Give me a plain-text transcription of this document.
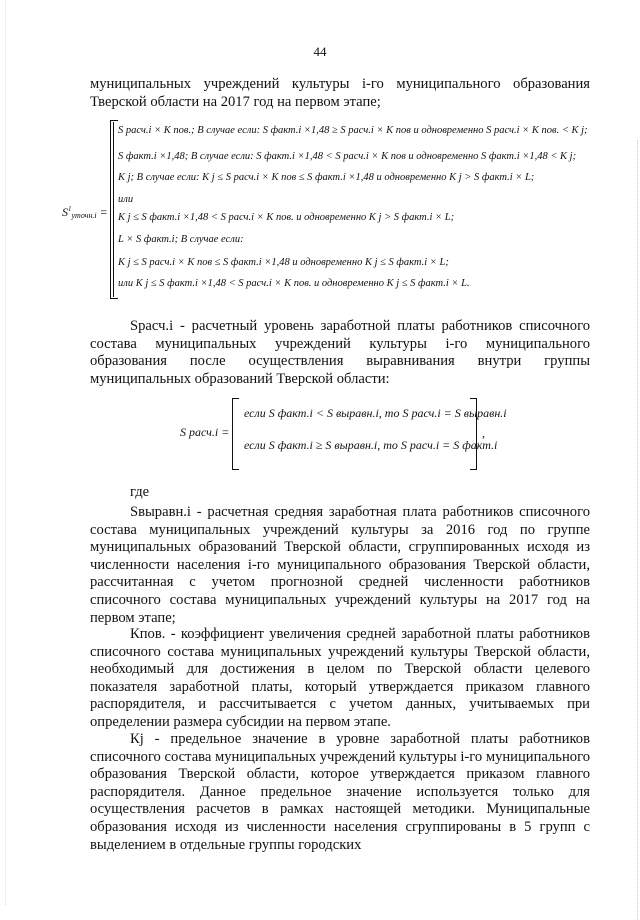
44
муниципальных учреждений культуры i-го муниципального образования
Тверской области на 2017 год на первом этапе;
$S^1_{уточн.i}$ =
S расч.i × K пов.; В случае если: S факт.i ×1,48 ≥ S расч.i × K пов и одновременно S расч.i × K пов. < K j;
S факт.i ×1,48; В случае если: S факт.i ×1,48 < S расч.i × K пов и одновременно S факт.i ×1,48 < K j;
K j; В случае если: K j ≤ S расч.i × K пов ≤ S факт.i ×1,48 и одновременно K j > S факт.i × L;
или
K j ≤ S факт.i ×1,48 < S расч.i × K пов. и одновременно K j > S факт.i × L;
L × S факт.i; В случае если:
K j ≤ S расч.i × K пов ≤ S факт.i ×1,48 и одновременно K j ≤ S факт.i × L;
или K j ≤ S факт.i ×1,48 < S расч.i × K пов. и одновременно K j ≤ S факт.i × L.
Sрасч.i - расчетный уровень заработной платы работников списочного состава муниципальных учреждений культуры i-го муниципального образования после осуществления выравнивания внутри группы муниципальных образований Тверской области:
S расч.i =
если S факт.i < S выравн.i, то S расч.i = S выравн.i
если S факт.i ≥ S выравн.i, то S расч.i = S факт.i
,
где
Sвыравн.i - расчетная средняя заработная плата работников списочного состава муниципальных учреждений культуры за 2016 год по группе муниципальных образований Тверской области, сгруппированных исходя из численности населения i-го муниципального образования Тверской области, рассчитанная с учетом прогнозной средней численности работников списочного состава муниципальных учреждений культуры на 2017 год на первом этапе;
Кпов. - коэффициент увеличения средней заработной платы работников списочного состава муниципальных учреждений культуры Тверской области, необходимый для достижения в целом по Тверской области целевого показателя заработной платы, который утверждается приказом главного распорядителя, и рассчитывается с учетом данных, учитываемых при определении размера субсидии на первом этапе.
Кj - предельное значение в уровне заработной платы работников списочного состава муниципальных учреждений культуры i-го муниципального образования Тверской области, которое утверждается приказом главного распорядителя. Данное предельное значение используется только для осуществления расчетов в рамках настоящей методики. Муниципальные образования исходя из численности населения сгруппированы в 5 групп с выделением в отдельные группы городских
